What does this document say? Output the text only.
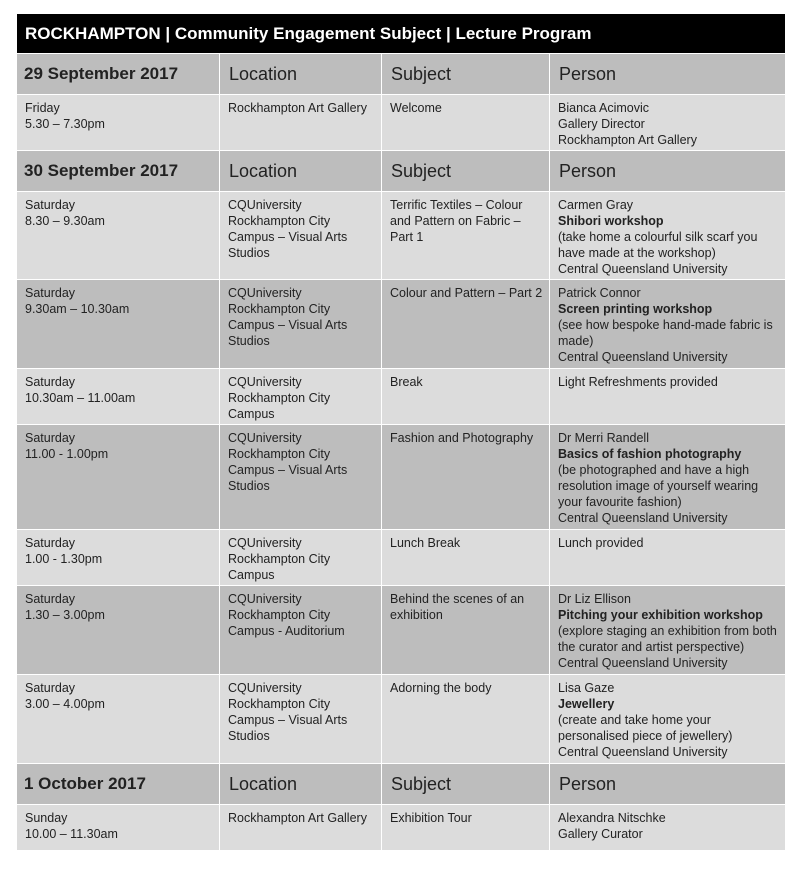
ROCKHAMPTON | Community Engagement Subject | Lecture Program			
29 September 2017	Location	Subject	Person

Friday
5.30 – 7.30pm	Rockhampton Art Gallery	Welcome	Bianca Acimovic
Gallery Director
Rockhampton Art Gallery

30 September 2017	Location	Subject	Person

Saturday
8.30 – 9.30am	CQUniversity Rockhampton City Campus – Visual Arts Studios	Terrific Textiles – Colour and Pattern on Fabric – Part 1	Carmen Gray
Shibori workshop
(take home a colourful silk scarf you have made at the workshop)
Central Queensland University

Saturday
9.30am – 10.30am	CQUniversity Rockhampton City Campus – Visual Arts Studios	Colour and Pattern – Part 2	Patrick Connor
Screen printing workshop
(see how bespoke hand-made fabric is made)
Central Queensland University

Saturday
10.30am – 11.00am	CQUniversity Rockhampton City Campus	Break	Light Refreshments provided

Saturday
11.00 - 1.00pm	CQUniversity Rockhampton City Campus – Visual Arts Studios	Fashion and Photography	Dr Merri Randell
Basics of fashion photography
(be photographed and have a high resolution image of yourself wearing your favourite fashion)
Central Queensland University

Saturday
1.00 - 1.30pm	CQUniversity Rockhampton City Campus	Lunch Break	Lunch provided

Saturday
1.30 – 3.00pm	CQUniversity Rockhampton City Campus - Auditorium	Behind the scenes of an exhibition	Dr Liz Ellison
Pitching your exhibition workshop
(explore staging an exhibition from both the curator and artist perspective)
Central Queensland University

Saturday
3.00 – 4.00pm	CQUniversity Rockhampton City Campus – Visual Arts Studios	Adorning the body	Lisa Gaze
Jewellery
(create and take home your personalised piece of jewellery)
Central Queensland University

1 October 2017	Location	Subject	Person

Sunday
10.00 – 11.30am	Rockhampton Art Gallery	Exhibition Tour	Alexandra Nitschke
Gallery Curator
